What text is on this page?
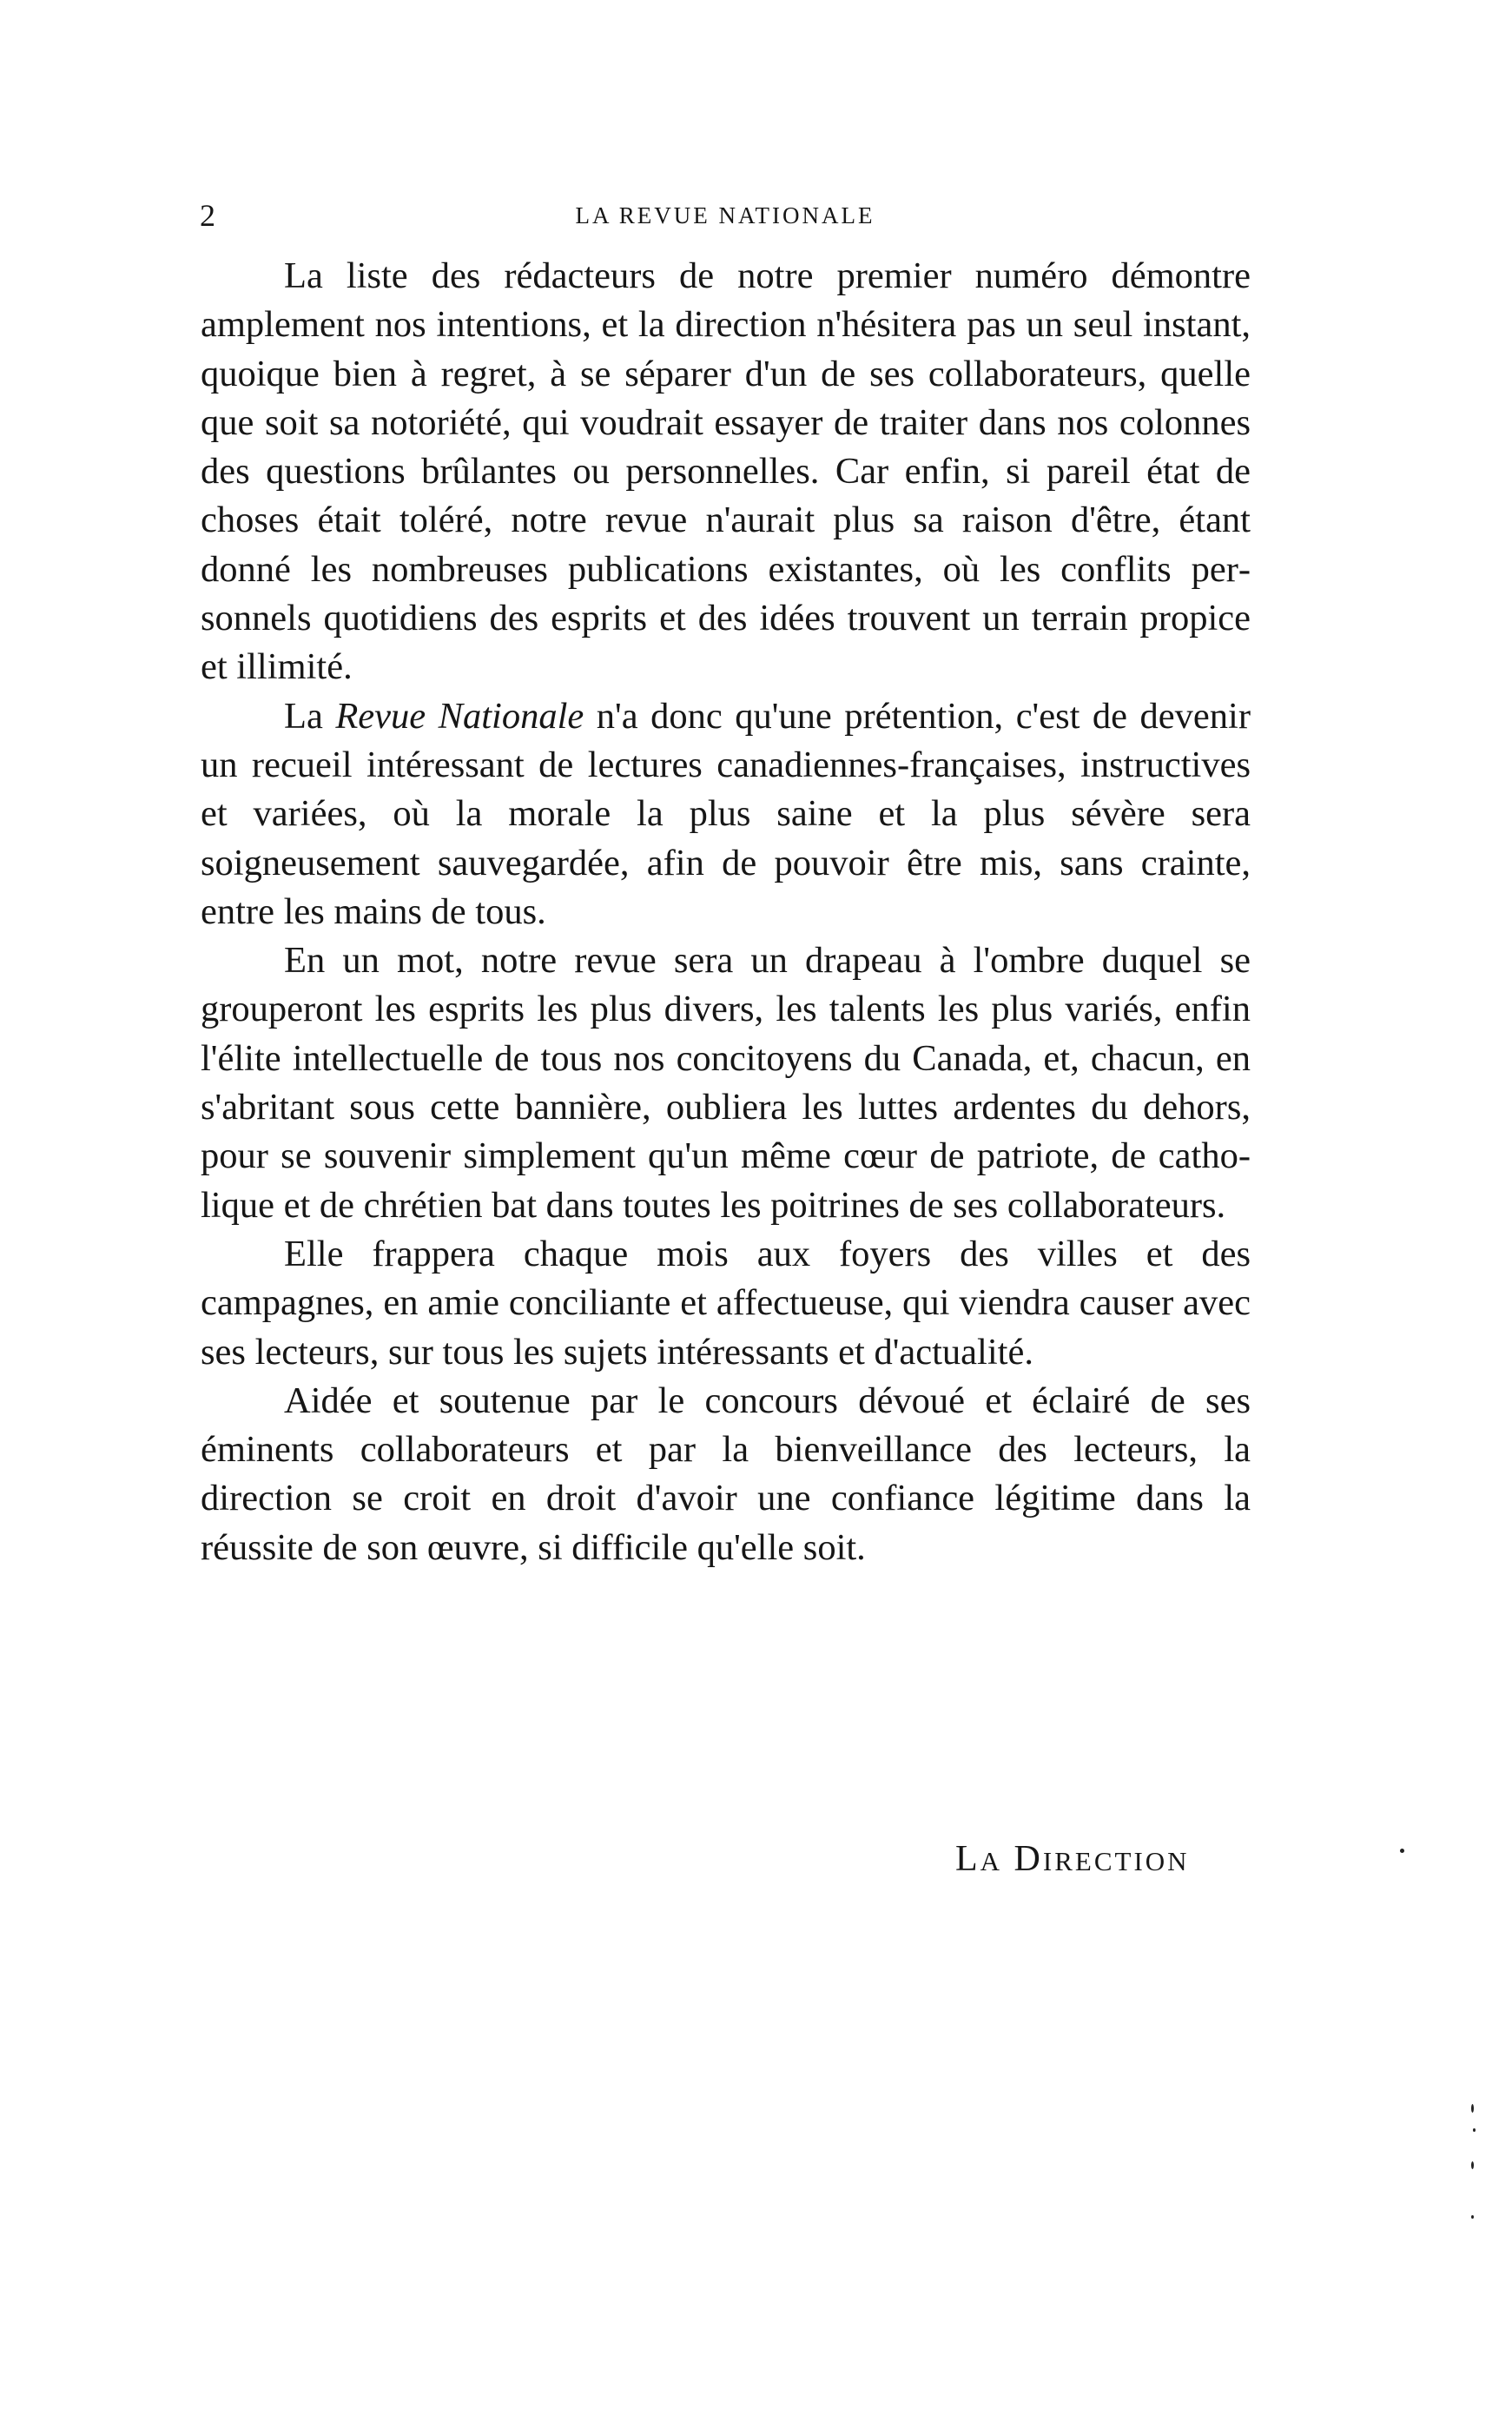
2	LA REVUE NATIONALE

La liste des rédacteurs de notre premier numéro démontre amplement nos intentions, et la direction n'hésitera pas un seul instant, quoique bien à regret, à se séparer d'un de ses collaborateurs, quelle que soit sa notoriété, qui voudrait essayer de traiter dans nos colonnes des questions brûlantes ou personnelles. Car enfin, si pareil état de choses était toléré, notre revue n'aurait plus sa raison d'être, étant donné les nombreuses publications existantes, où les conflits personnels quotidiens des esprits et des idées trouvent un terrain propice et illimité.

La Revue Nationale n'a donc qu'une prétention, c'est de devenir un recueil intéressant de lectures canadiennes-françaises, instructives et variées, où la morale la plus saine et la plus sévère sera soigneusement sauvegardée, afin de pouvoir être mis, sans crainte, entre les mains de tous.

En un mot, notre revue sera un drapeau à l'ombre duquel se grouperont les esprits les plus divers, les talents les plus variés, enfin l'élite intellectuelle de tous nos concitoyens du Canada, et, chacun, en s'abritant sous cette bannière, oubliera les luttes ardentes du dehors, pour se souvenir simplement qu'un même cœur de patriote, de catholique et de chrétien bat dans toutes les poitrines de ses collaborateurs.

Elle frappera chaque mois aux foyers des villes et des campagnes, en amie conciliante et affectueuse, qui viendra causer avec ses lecteurs, sur tous les sujets intéressants et d'actualité.

Aidée et soutenue par le concours dévoué et éclairé de ses éminents collaborateurs et par la bienveillance des lecteurs, la direction se croit en droit d'avoir une confiance légitime dans la réussite de son œuvre, si difficile qu'elle soit.

LA DIRECTION
